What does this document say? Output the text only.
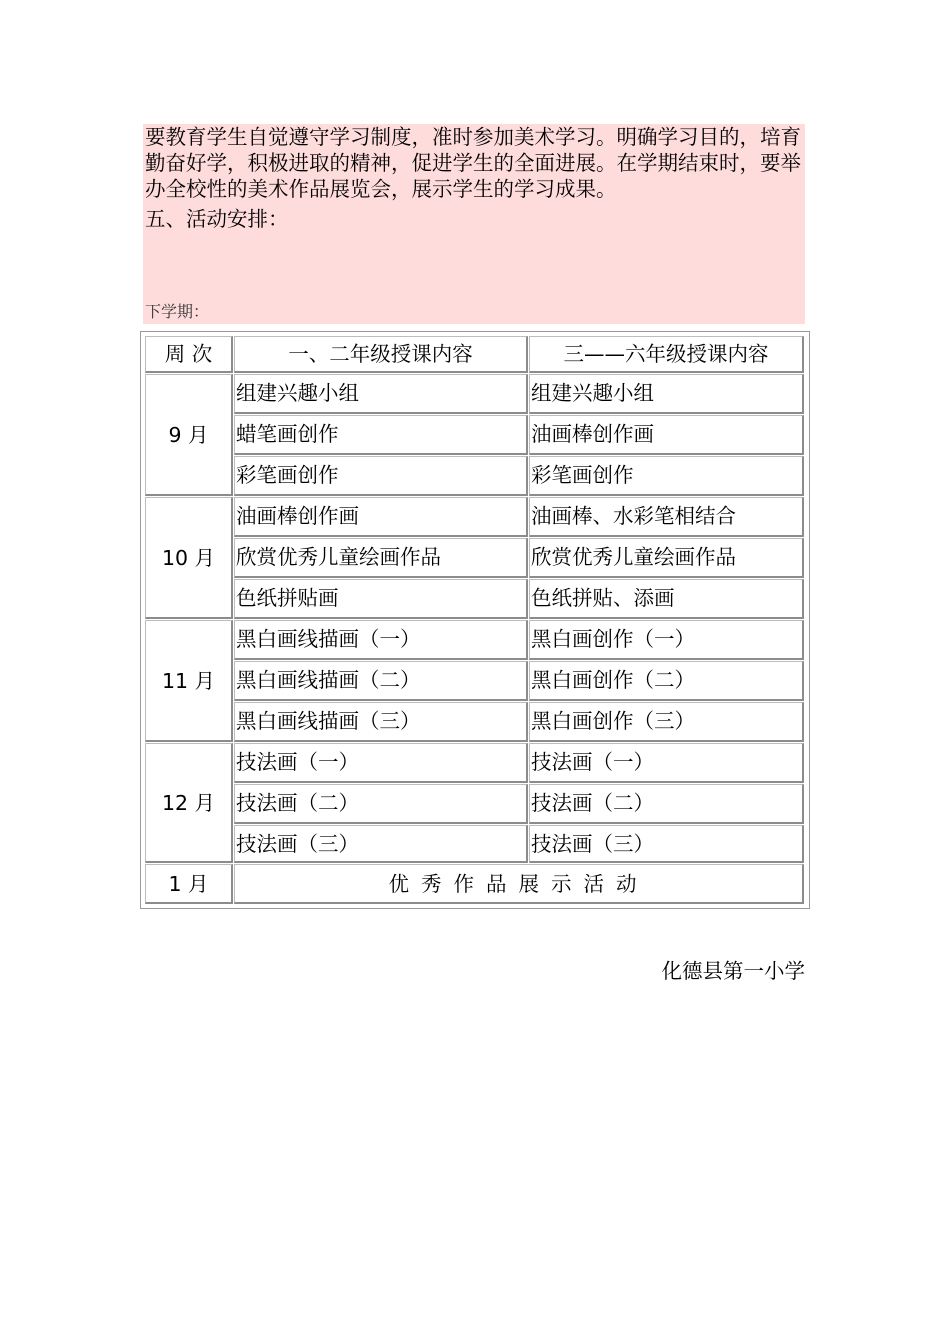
要教育学生自觉遵守学习制度，准时参加美术学习。明确学习目的，培育勤奋好学，积极进取的精神，促进学生的全面进展。在学期结束时，要举办全校性的美术作品展览会，展示学生的学习成果。

五、活动安排：
下学期：
周 次	一、二年级授课内容	三——六年级授课内容
9 月
组建兴趣小组	组建兴趣小组
蜡笔画创作	油画棒创作画
彩笔画创作	彩笔画创作
10 月
油画棒创作画	油画棒、水彩笔相结合
欣赏优秀儿童绘画作品	欣赏优秀儿童绘画作品
色纸拼贴画	色纸拼贴、添画
11 月
黑白画线描画（一）	黑白画创作（一）
黑白画线描画（二）	黑白画创作（二）
黑白画线描画（三）	黑白画创作（三）
12 月
技法画（一）	技法画（一）
技法画（二）	技法画（二）
技法画（三）	技法画（三）
1 月	优秀作品展示活动
化德县第一小学
